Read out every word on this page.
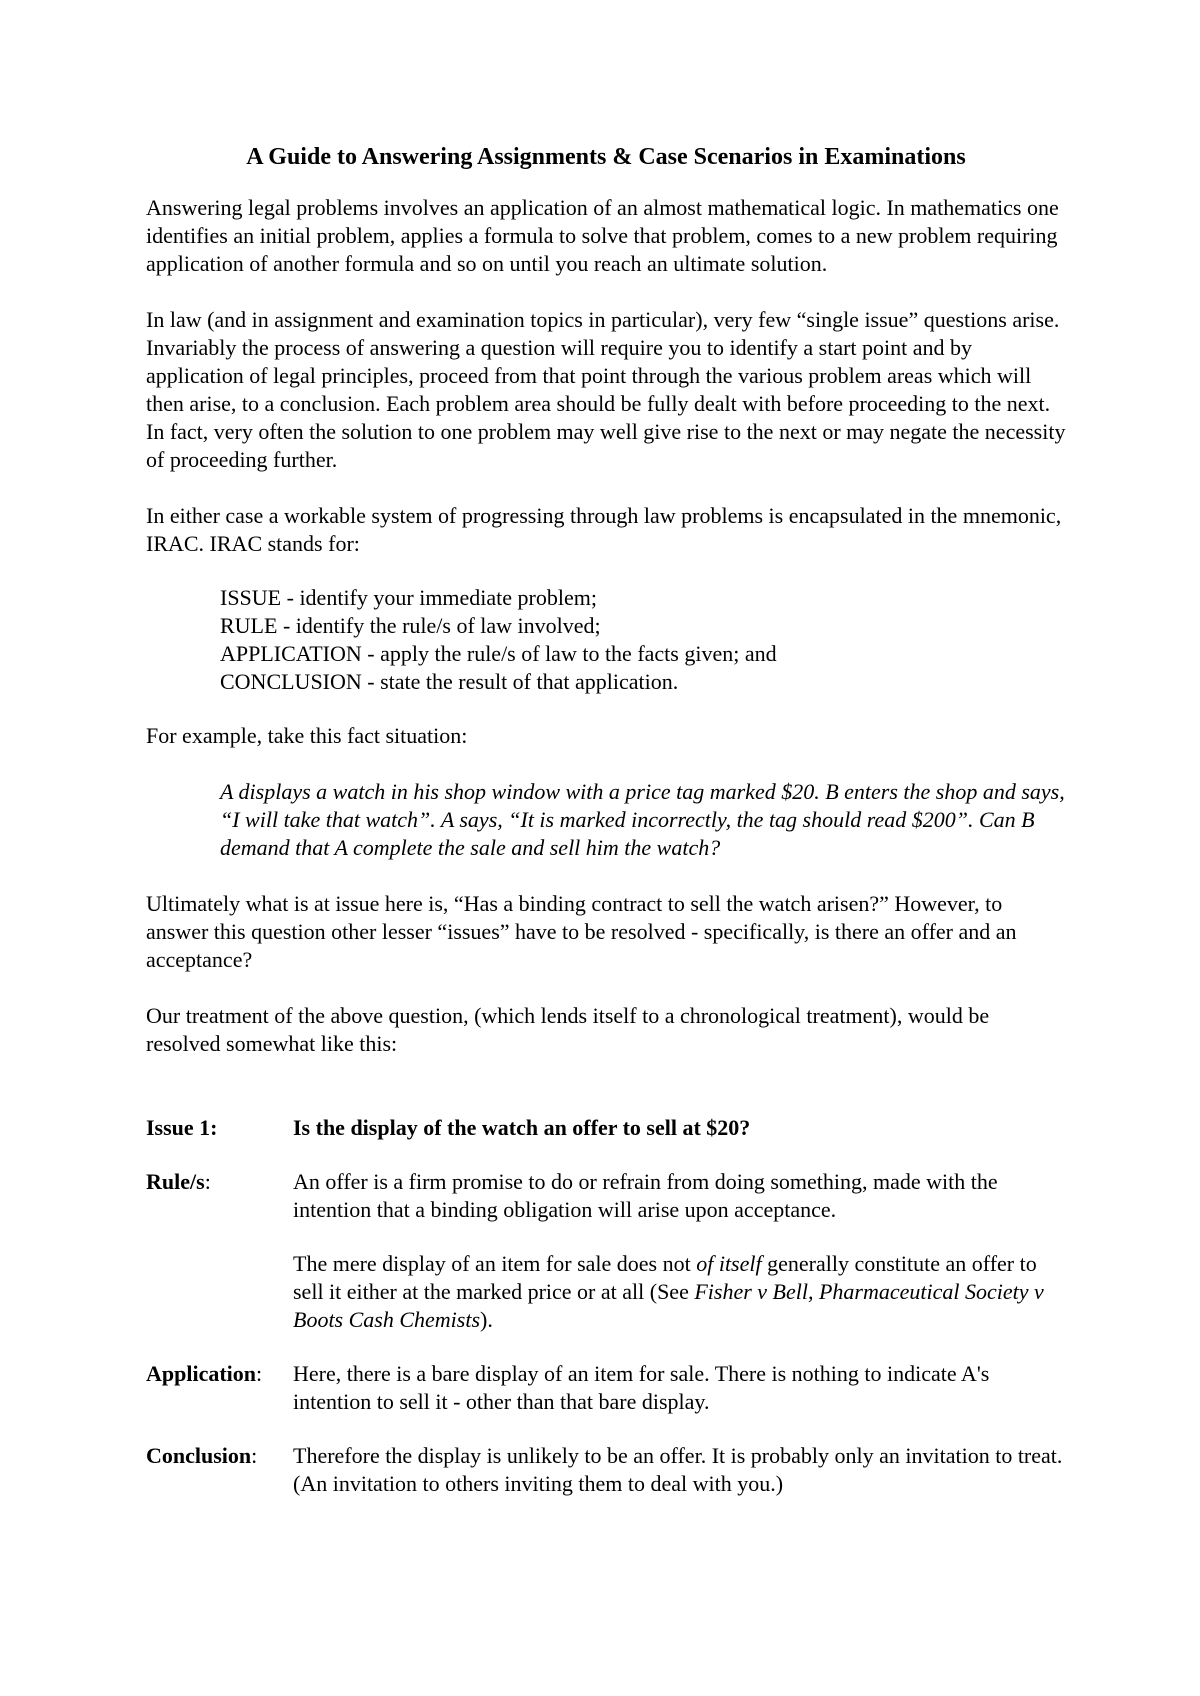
A Guide to Answering Assignments & Case Scenarios in Examinations

Answering legal problems involves an application of an almost mathematical logic. In mathematics one identifies an initial problem, applies a formula to solve that problem, comes to a new problem requiring application of another formula and so on until you reach an ultimate solution.

In law (and in assignment and examination topics in particular), very few “single issue” questions arise. Invariably the process of answering a question will require you to identify a start point and by application of legal principles, proceed from that point through the various problem areas which will then arise, to a conclusion. Each problem area should be fully dealt with before proceeding to the next. In fact, very often the solution to one problem may well give rise to the next or may negate the necessity of proceeding further.

In either case a workable system of progressing through law problems is encapsulated in the mnemonic, IRAC. IRAC stands for:

ISSUE - identify your immediate problem;
RULE - identify the rule/s of law involved;
APPLICATION - apply the rule/s of law to the facts given; and
CONCLUSION - state the result of that application.

For example, take this fact situation:

A displays a watch in his shop window with a price tag marked $20. B enters the shop and says, “I will take that watch”. A says, “It is marked incorrectly, the tag should read $200”. Can B demand that A complete the sale and sell him the watch?

Ultimately what is at issue here is, “Has a binding contract to sell the watch arisen?” However, to answer this question other lesser “issues” have to be resolved - specifically, is there an offer and an acceptance?

Our treatment of the above question, (which lends itself to a chronological treatment), would be resolved somewhat like this:

Issue 1:	Is the display of the watch an offer to sell at $20?
Rule/s:	An offer is a firm promise to do or refrain from doing something, made with the intention that a binding obligation will arise upon acceptance.

The mere display of an item for sale does not of itself generally constitute an offer to sell it either at the marked price or at all (See Fisher v Bell, Pharmaceutical Society v Boots Cash Chemists).

Application:	Here, there is a bare display of an item for sale. There is nothing to indicate A's intention to sell it - other than that bare display.
Conclusion:	Therefore the display is unlikely to be an offer. It is probably only an invitation to treat. (An invitation to others inviting them to deal with you.)
